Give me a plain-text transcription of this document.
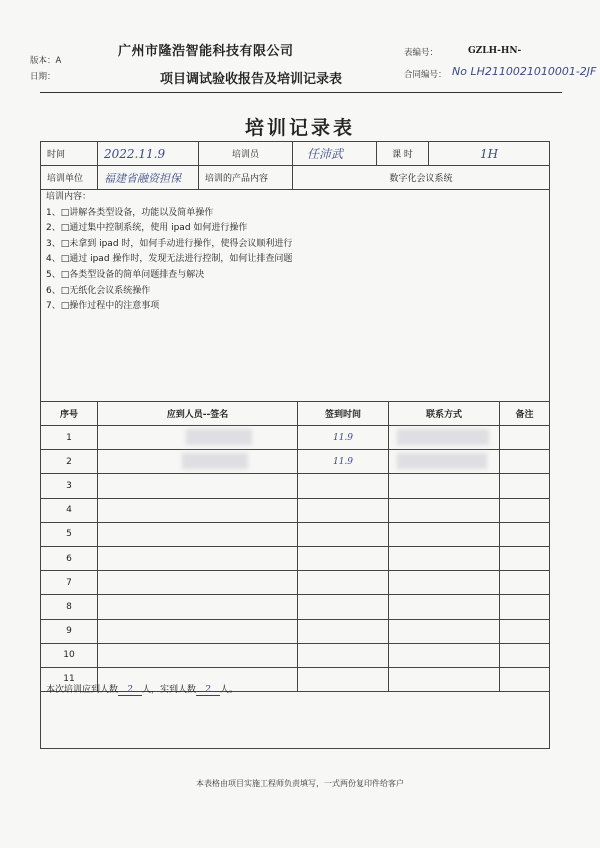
广州市隆浩智能科技有限公司
项目调试验收报告及培训记录表
版本：A
日期：
表编号：	GZLH-HN-
合同编号： No LH2110021010001-2JF
培训记录表
时间	2022.11.9	培训员	任沛武	课 时	1H
培训单位	福建省融资担保	培训的产品内容	数字化会议系统		
培训内容：
1、□讲解各类型设备，功能以及简单操作
2、□通过集中控制系统，使用 ipad 如何进行操作
3、□未拿到 ipad 时，如何手动进行操作，使得会议顺利进行
4、□通过 ipad 操作时，发现无法进行控制，如何让排查问题
5、□各类型设备的简单问题排查与解决
6、□无纸化会议系统操作
7、□操作过程中的注意事项
序号	应到人员--签名	签到时间	联系方式	备注
1		11.9	

2		11.9	

3				
4				
5				
6				
7				
8				
9				
10				
11				
本次培训应到人数 2 人，实到人数 2 人。
本表格由项目实施工程师负责填写，一式两份复印件给客户
